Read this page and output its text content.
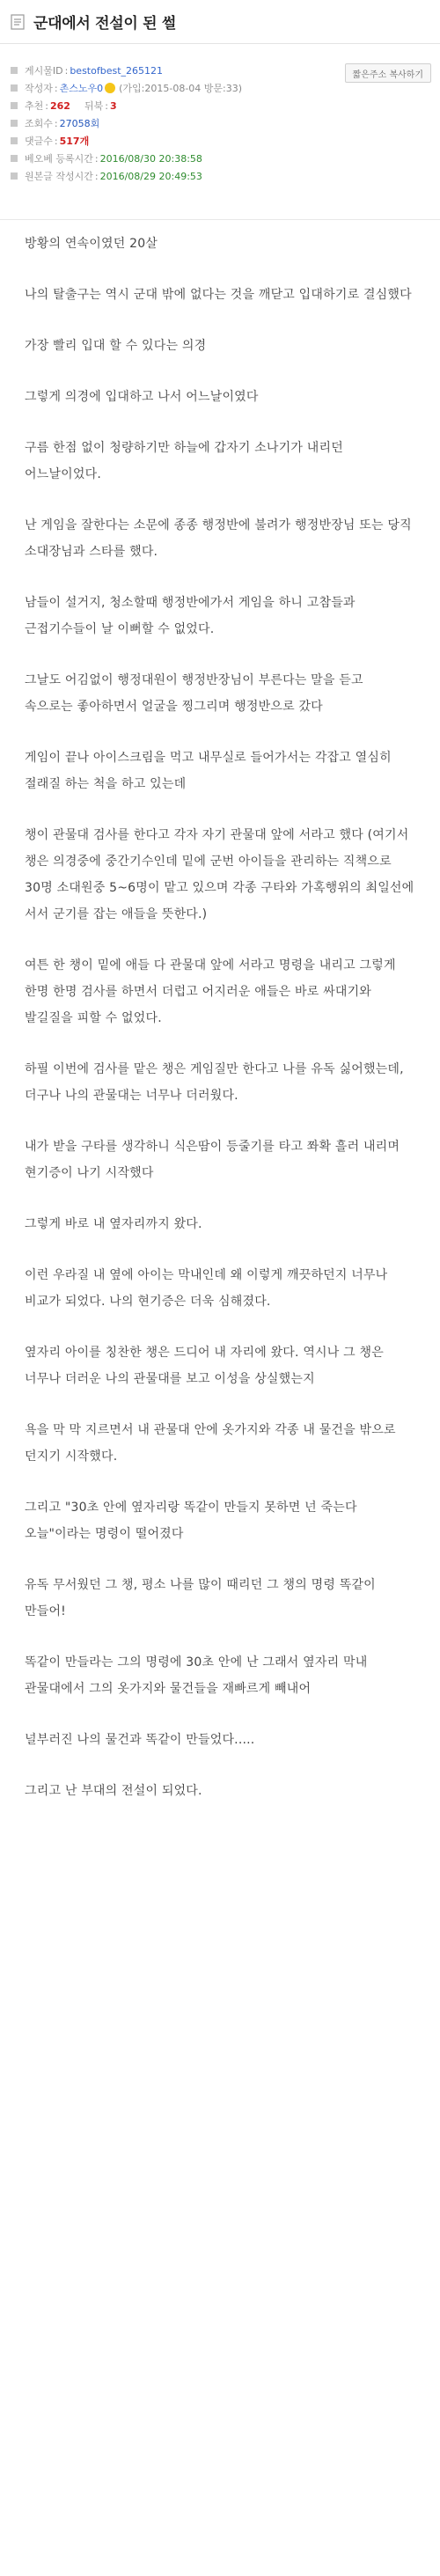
군대에서 전설이 된 썰
게시물ID : bestofbest_265121
작성자 : 촌스노우0 (가입:2015-08-04 방문:33)
추천 : 262 뒤북 : 3
조회수 : 27058회
댓글수 : 517개
베오베 등록시간 : 2016/08/30 20:38:58
원본글 작성시간 : 2016/08/29 20:49:53
짧은주소 복사하기

방황의 연속이였던 20살

나의 탈출구는 역시 군대 밖에 없다는 것을 깨닫고 입대하기로 결심했다

가장 빨리 입대 할 수 있다는 의경

그렇게 의경에 입대하고 나서 어느날이였다

구름 한점 없이 청량하기만 하늘에 갑자기 소나기가 내리던 어느날이었다.

난 게임을 잘한다는 소문에 종종 행정반에 불려가 행정반장님 또는 당직 소대장님과 스타를 했다.

남들이 설거지, 청소할때 행정반에가서 게임을 하니 고참들과 근접기수들이 날 이뻐할 수 없었다.

그날도 어김없이 행정대원이 행정반장님이 부른다는 말을 듣고 속으로는 좋아하면서 얼굴을 찡그리며 행정반으로 갔다

게임이 끝나 아이스크림을 먹고 내무실로 들어가서는 각잡고 열심히 절래질 하는 척을 하고 있는데

챙이 관물대 검사를 한다고 각자 자기 관물대 앞에 서라고 했다 (여기서 챙은 의경중에 중간기수인데 밑에 군번 아이들을 관리하는 직책으로 30명 소대원중 5~6명이 맡고 있으며 각종 구타와 가혹행위의 최일선에 서서 군기를 잡는 애들을 뜻한다.)

여튼 한 챙이 밑에 애들 다 관물대 앞에 서라고 명령을 내리고 그렇게 한명 한명 검사를 하면서 더럽고 어지러운 애들은 바로 싸대기와 발길질을 피할 수 없었다.

하필 이번에 검사를 맡은 챙은 게임질만 한다고 나를 유독 싫어했는데, 더구나 나의 관물대는 너무나 더러웠다.

내가 받을 구타를 생각하니 식은땀이 등줄기를 타고 쫘확 흘러 내리며 현기증이 나기 시작했다

그렇게 바로 내 옆자리까지 왔다.

이런 우라질 내 옆에 아이는 막내인데 왜 이렇게 깨끗하던지 너무나 비교가 되었다. 나의 현기증은 더욱 심해졌다.

옆자리 아이를 칭찬한 챙은 드디어 내 자리에 왔다. 역시나 그 챙은 너무나 더러운 나의 관물대를 보고 이성을 상실했는지

욕을 막 막 지르면서 내 관물대 안에 옷가지와 각종 내 물건을 밖으로 던지기 시작했다.

그리고 "30초 안에 옆자리랑 똑같이 만들지 못하면 넌 죽는다 오늘"이라는 명령이 떨어졌다

유독 무서웠던 그 챙, 평소 나를 많이 때리던 그 챙의 명령 똑같이 만들어!

똑같이 만들라는 그의 명령에 30초 안에 난 그래서 옆자리 막내 관물대에서 그의 옷가지와 물건들을 재빠르게 빼내어

널부러진 나의 물건과 똑같이 만들었다.....

그리고 난 부대의 전설이 되었다.
